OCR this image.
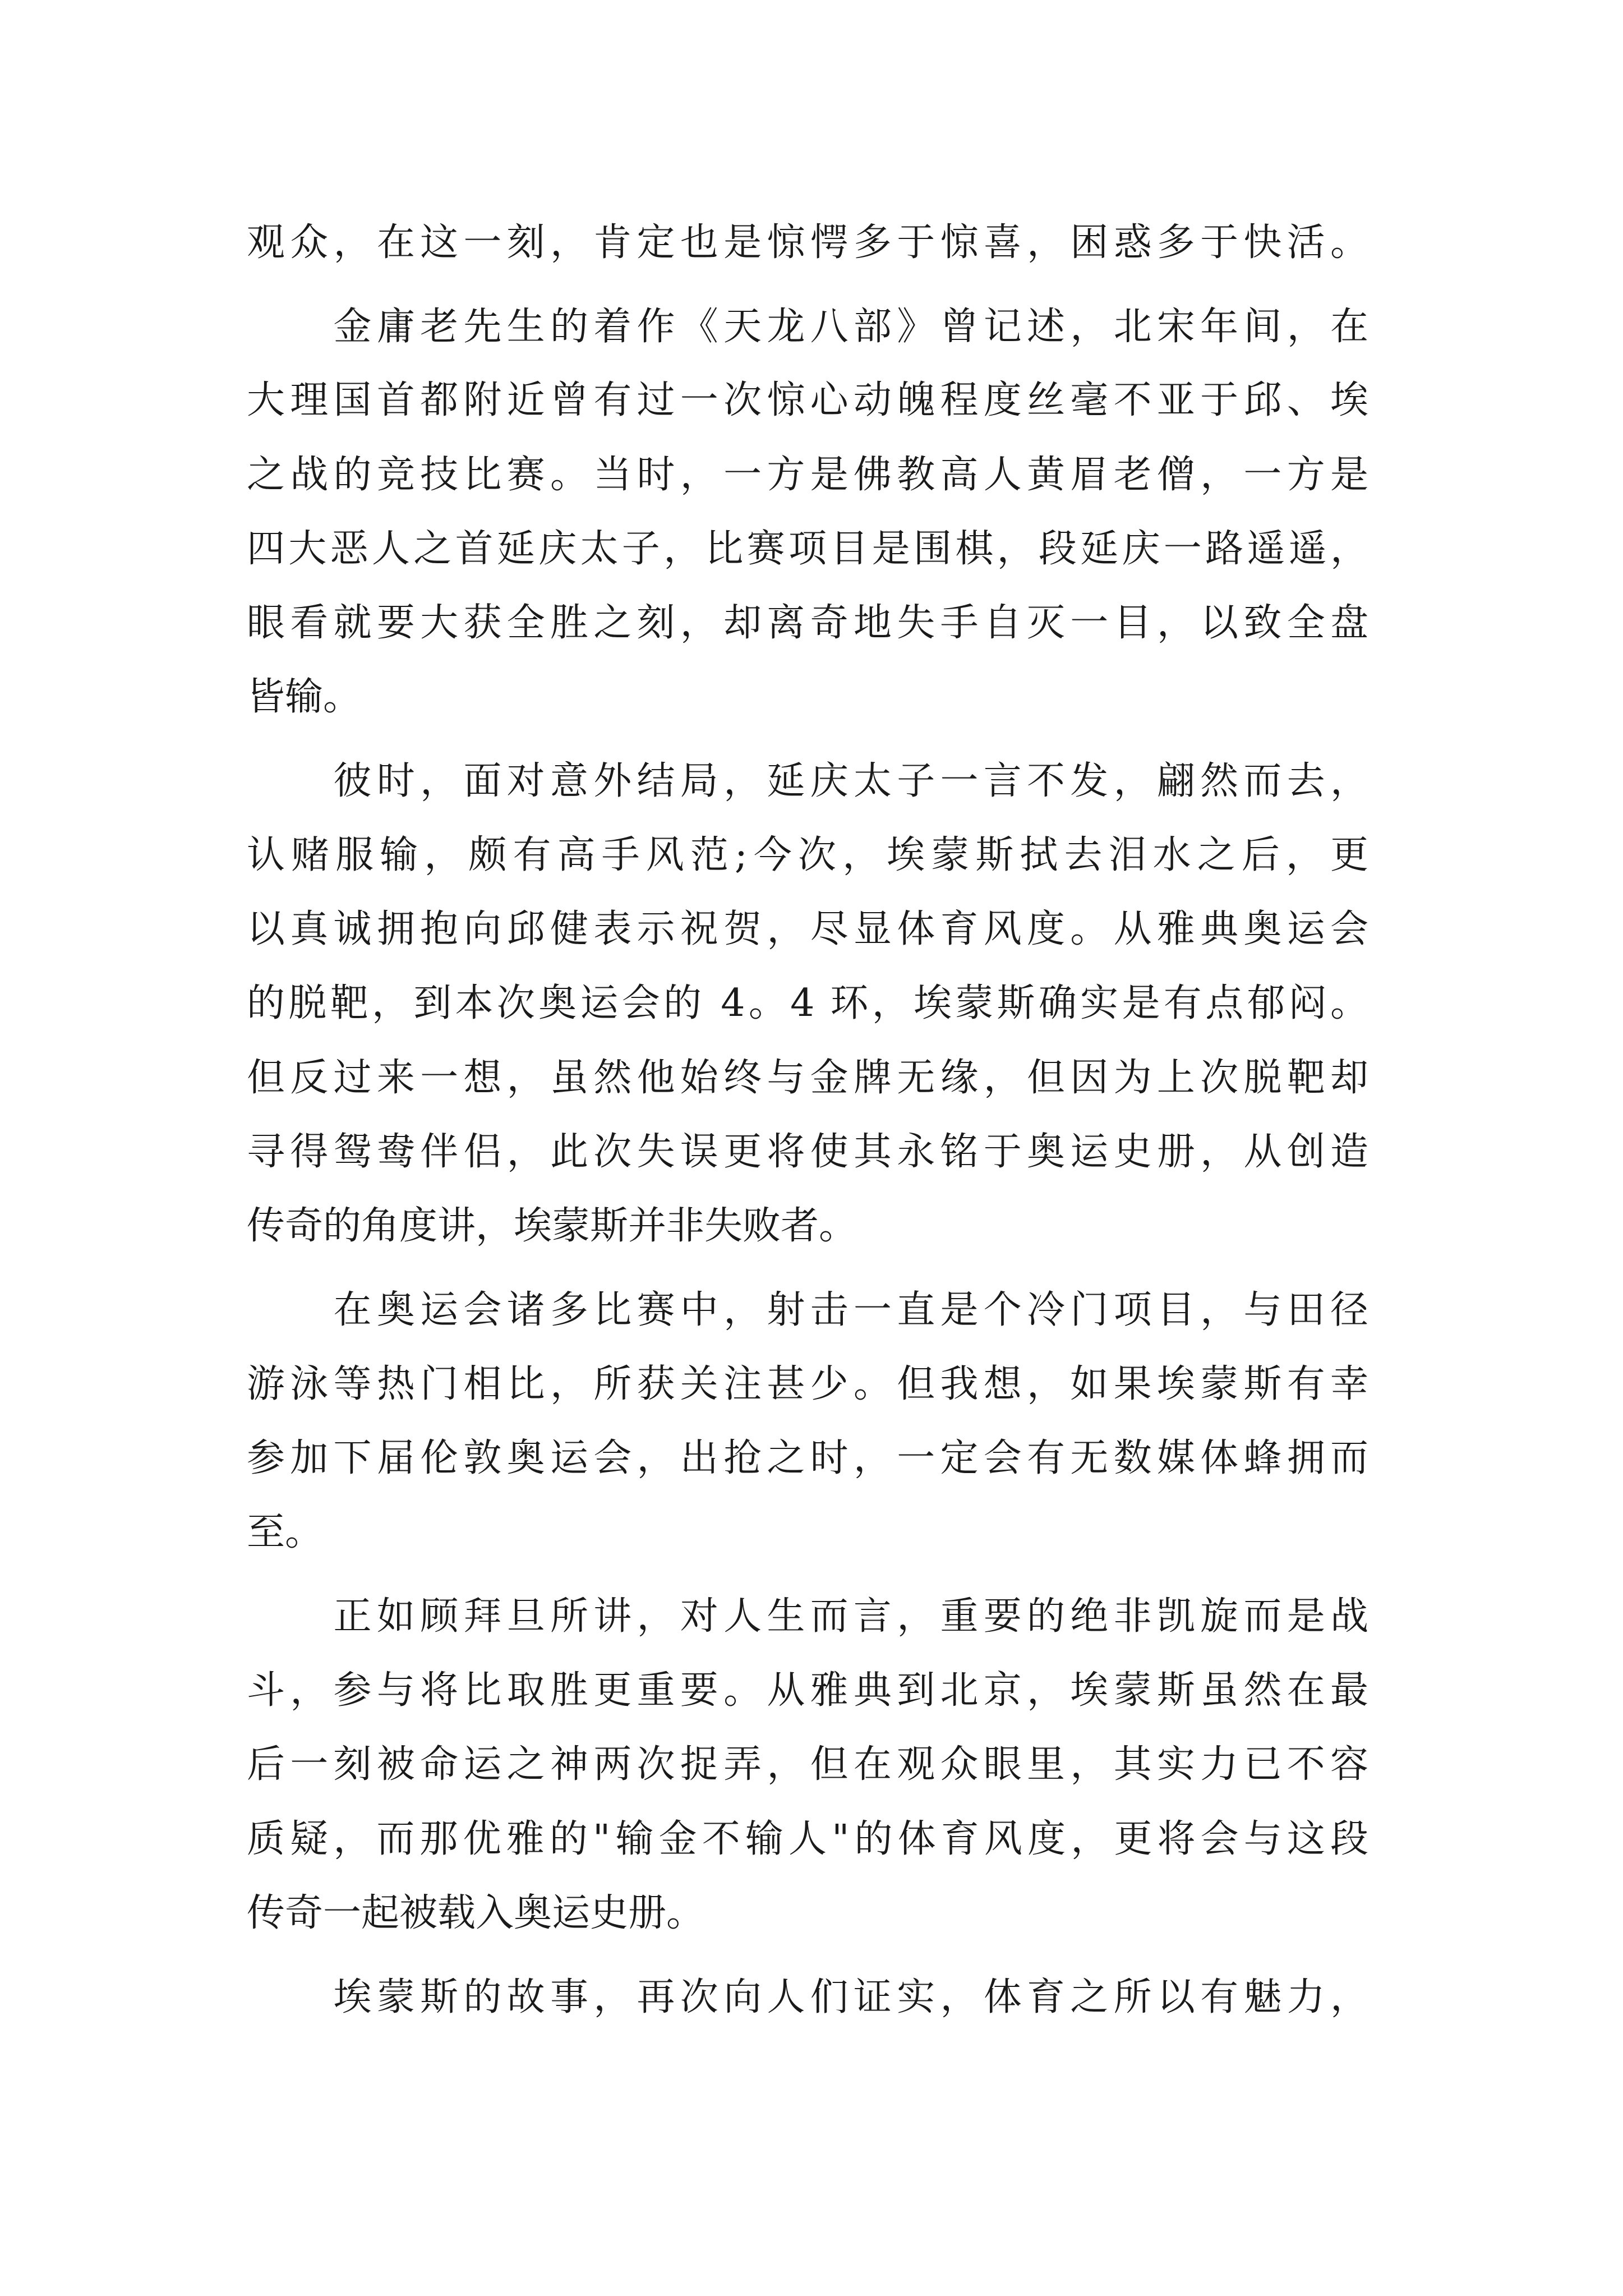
观众，在这一刻，肯定也是惊愕多于惊喜，困惑多于快活。
　　金庸老先生的着作《天龙八部》曾记述，北宋年间，在
大理国首都附近曾有过一次惊心动魄程度丝毫不亚于邱、埃
之战的竞技比赛。当时，一方是佛教高人黄眉老僧，一方是
四大恶人之首延庆太子，比赛项目是围棋，段延庆一路遥遥，
眼看就要大获全胜之刻，却离奇地失手自灭一目，以致全盘
皆输。
　　彼时，面对意外结局，延庆太子一言不发，翩然而去，
认赌服输，颇有高手风范;今次，埃蒙斯拭去泪水之后，更
以真诚拥抱向邱健表示祝贺，尽显体育风度。从雅典奥运会
的脱靶，到本次奥运会的 4。4 环，埃蒙斯确实是有点郁闷。
但反过来一想，虽然他始终与金牌无缘，但因为上次脱靶却
寻得鸳鸯伴侣，此次失误更将使其永铭于奥运史册，从创造
传奇的角度讲，埃蒙斯并非失败者。
　　在奥运会诸多比赛中，射击一直是个冷门项目，与田径
游泳等热门相比，所获关注甚少。但我想，如果埃蒙斯有幸
参加下届伦敦奥运会，出抢之时，一定会有无数媒体蜂拥而
至。
　　正如顾拜旦所讲，对人生而言，重要的绝非凯旋而是战
斗，参与将比取胜更重要。从雅典到北京，埃蒙斯虽然在最
后一刻被命运之神两次捉弄，但在观众眼里，其实力已不容
质疑，而那优雅的"输金不输人"的体育风度，更将会与这段
传奇一起被载入奥运史册。
　　埃蒙斯的故事，再次向人们证实，体育之所以有魅力，
